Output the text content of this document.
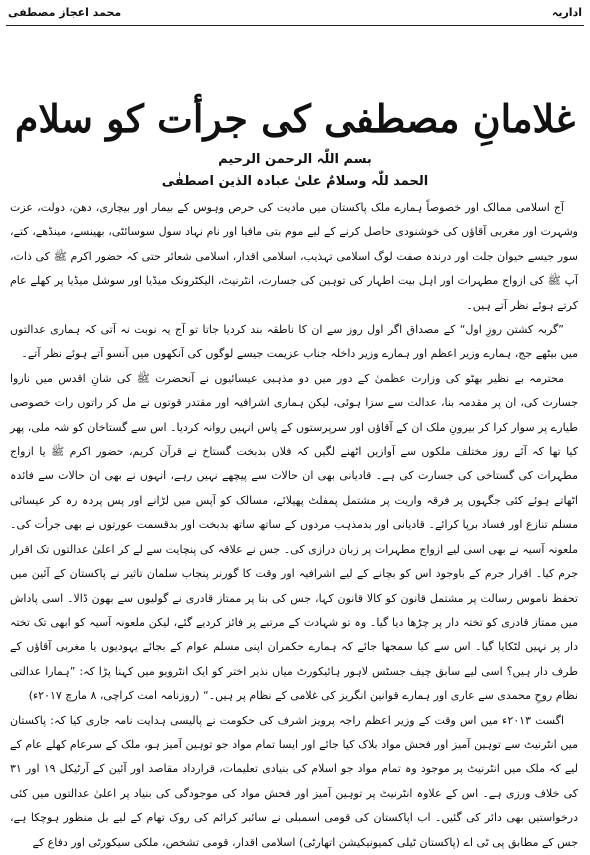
اداریہ
محمد اعجاز مصطفی
غلامانِ مصطفی کی جرأت کو سلام
بسم اللّٰہ الرحمن الرحیم
الحمد للّٰہ وسلامٌ علیٰ عبادہ الذین اصطفٰی

آج اسلامی ممالک اور خصوصاً ہمارے ملک پاکستان میں مادیت کی حرص وہوس کے بیمار اور بیچاری، دھن، دولت، عزت وشہرت اور مغربی آقاؤں کی خوشنودی حاصل کرنے کے لیے موم بتی مافیا اور نام نہاد سول سوسائٹی، بھینسے، مینڈھے، کتے، سور جیسے حیوان جلت اور درندہ صفت لوگ اسلامی تہذیب، اسلامی اقدار، اسلامی شعائر حتی کہ حضور اکرم ﷺ کی ذات، آپ ﷺ کی ازواج مطہرات اور اہل بیت اطہار کی توہین کی جسارت، انٹرنیٹ، الیکٹرونک میڈیا اور سوشل میڈیا پر کھلے عام کرتے ہوئے نظر آتے ہیں۔

”گربہ کشتن روزِ اول“ کے مصداق اگر اول روز سے ان کا ناطقہ بند کردیا جاتا تو آج یہ نوبت نہ آتی کہ ہماری عدالتوں میں بیٹھے جج، ہمارے وزیر اعظم اور ہمارے وزیر داخلہ جناب عزیمت جیسے لوگوں کی آنکھوں میں آنسو آتے ہوئے نظر آتے۔

محترمہ بے نظیر بھٹو کی وزارت عظمیٰ کے دور میں دو مذہبی عیسائیوں نے آنحضرت ﷺ کی شانِ اقدس میں ناروا جسارت کی، ان پر مقدمہ بنا، عدالت سے سزا ہوئی، لیکن ہماری اشرافیہ اور مقتدر قوتوں نے مل کر راتوں رات خصوصی طیارے پر سوار کرا کر بیرونِ ملک ان کے آقاؤں اور سرپرستوں کے پاس انہیں روانہ کردیا۔ اس سے گستاخان کو شہ ملی، پھر کیا تھا کہ آئے روز مختلف ملکوں سے آوازیں اٹھنے لگیں کہ فلاں بدبخت گستاخ نے قرآن کریم، حضور اکرم ﷺ یا ازواج مطہرات کی گستاخی کی جسارت کی ہے۔ قادیانی بھی ان حالات سے پیچھے نہیں رہے، انہوں نے بھی ان حالات سے فائدہ اٹھاتے ہوئے کئی جگہوں پر فرقہ واریت پر مشتمل پمفلٹ پھیلائے، مسالک کو آپس میں لڑانے اور پس پردہ رہ کر عیسائی مسلم تنازع اور فساد برپا کرائے۔ قادیانی اور بدمذہب مردوں کے ساتھ ساتھ بدبخت اور بدقسمت عورتوں نے بھی جرأت کی۔ ملعونہ آسیہ نے بھی اسی لیے ازواج مطہرات پر زبان درازی کی۔ جس نے علاقہ کی پنچایت سے لے کر اعلیٰ عدالتوں تک اقرار جرم کیا۔ اقرار جرم کے باوجود اس کو بچانے کے لیے اشرافیہ اور وقت کا گورنر پنجاب سلمان تاثیر نے پاکستان کے آئین میں تحفظ ناموس رسالت پر مشتمل قانون کو کالا قانون کہا، جس کی بنا پر ممتاز قادری نے گولیوں سے بھون ڈالا۔ اسی پاداش میں ممتاز قادری کو تختہ دار پر چڑھا دیا گیا۔ وہ تو شہادت کے مرتبے پر فائز کردیے گئے، لیکن ملعونہ آسیہ کو ابھی تک تختہ دار پر نہیں لٹکایا گیا۔ اس سے کیا سمجھا جائے کہ ہمارے حکمران اپنی مسلم عوام کے بجائے یہودیوں یا مغربی آقاؤں کے طرف دار ہیں؟ اسی لیے سابق چیف جسٹس لاہور ہائیکورٹ میاں نذیر اختر کو ایک انٹرویو میں کہنا پڑا کہ: ”ہمارا عدالتی نظام روحِ محمدی سے عاری اور ہمارے قوانین انگریز کی غلامی کے نظام پر ہیں۔“ (روزنامہ امت کراچی، ۸ مارچ ۲۰۱۷ء)

اگست ۲۰۱۳ء میں اس وقت کے وزیر اعظم راجہ پرویز اشرف کی حکومت نے پالیسی ہدایت نامہ جاری کیا کہ: پاکستان میں انٹرنیٹ سے توہین آمیز اور فحش مواد بلاک کیا جائے اور ایسا تمام مواد جو توہین آمیز ہو، ملک کے سرعام کھلے عام کے لیے کہ ملک میں انٹرنیٹ پر موجود وہ تمام مواد جو اسلام کی بنیادی تعلیمات، قرارداد مقاصد اور آئین کے آرٹیکل ۱۹ اور ۳۱ کی خلاف ورزی ہے۔ اس کے علاوہ انٹرنیٹ پر توہین آمیز اور فحش مواد کی موجودگی کی بنیاد پر اعلیٰ عدالتوں میں کئی درخواستیں بھی دائر کی گئیں۔ اب اپاکستان کی قومی اسمبلی نے سائبر کرائم کی روک تھام کے لیے بل منظور ہوچکا ہے، جس کے مطابق پی ٹی اے (پاکستان ٹیلی کمیونیکیشن اتھارٹی) اسلامی اقدار، قومی تشخص، ملکی سیکورٹی اور دفاع کے
